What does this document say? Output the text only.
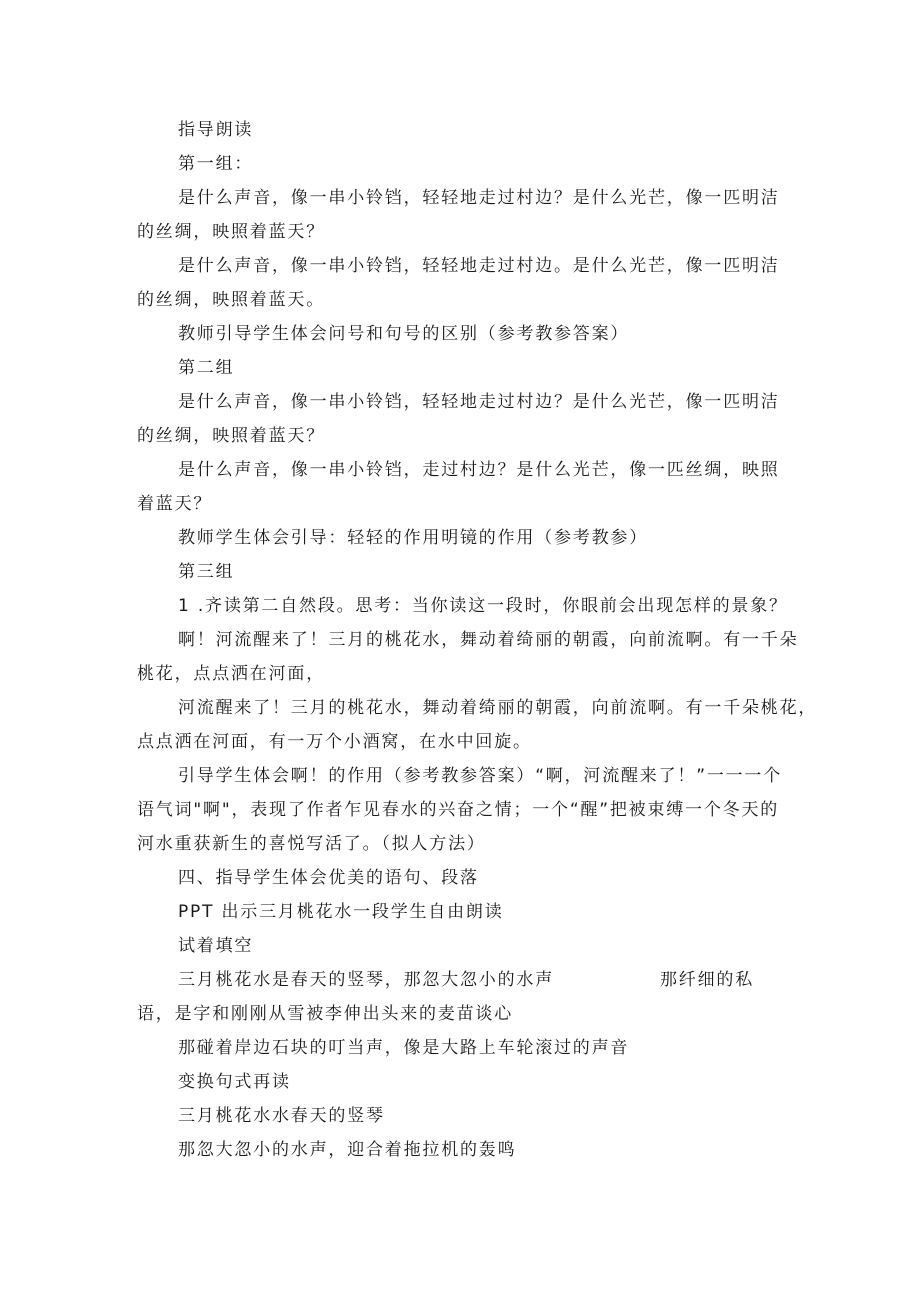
指导朗读
第一组：
是什么声音，像一串小铃铛，轻轻地走过村边？是什么光芒，像一匹明洁
的丝绸，映照着蓝天？
是什么声音，像一串小铃铛，轻轻地走过村边。是什么光芒，像一匹明洁
的丝绸，映照着蓝天。
教师引导学生体会问号和句号的区别（参考教参答案）
第二组
是什么声音，像一串小铃铛，轻轻地走过村边？是什么光芒，像一匹明洁
的丝绸，映照着蓝天？
是什么声音，像一串小铃铛，走过村边？是什么光芒，像一匹丝绸，映照
着蓝天？
教师学生体会引导：轻轻的作用明镜的作用（参考教参）
第三组
1 .齐读第二自然段。思考：当你读这一段时，你眼前会出现怎样的景象？
啊！河流醒来了！三月的桃花水，舞动着绮丽的朝霞，向前流啊。有一千朵
桃花，点点洒在河面，
河流醒来了！三月的桃花水，舞动着绮丽的朝霞，向前流啊。有一千朵桃花，
点点洒在河面，有一万个小酒窝，在水中回旋。
引导学生体会啊！的作用（参考教参答案）“啊，河流醒来了！”一一一个
语气词"啊"，表现了作者乍见春水的兴奋之情；一个“醒”把被束缚一个冬天的
河水重获新生的喜悦写活了。（拟人方法）
四、指导学生体会优美的语句、段落
PPT 出示三月桃花水一段学生自由朗读
试着填空
三月桃花水是春天的竖琴，那忽大忽小的水声	那纤细的私
语，是字和刚刚从雪被李伸出头来的麦苗谈心
那碰着岸边石块的叮当声，像是大路上车轮滚过的声音
变换句式再读
三月桃花水水春天的竖琴
那忽大忽小的水声，迎合着拖拉机的轰鸣
